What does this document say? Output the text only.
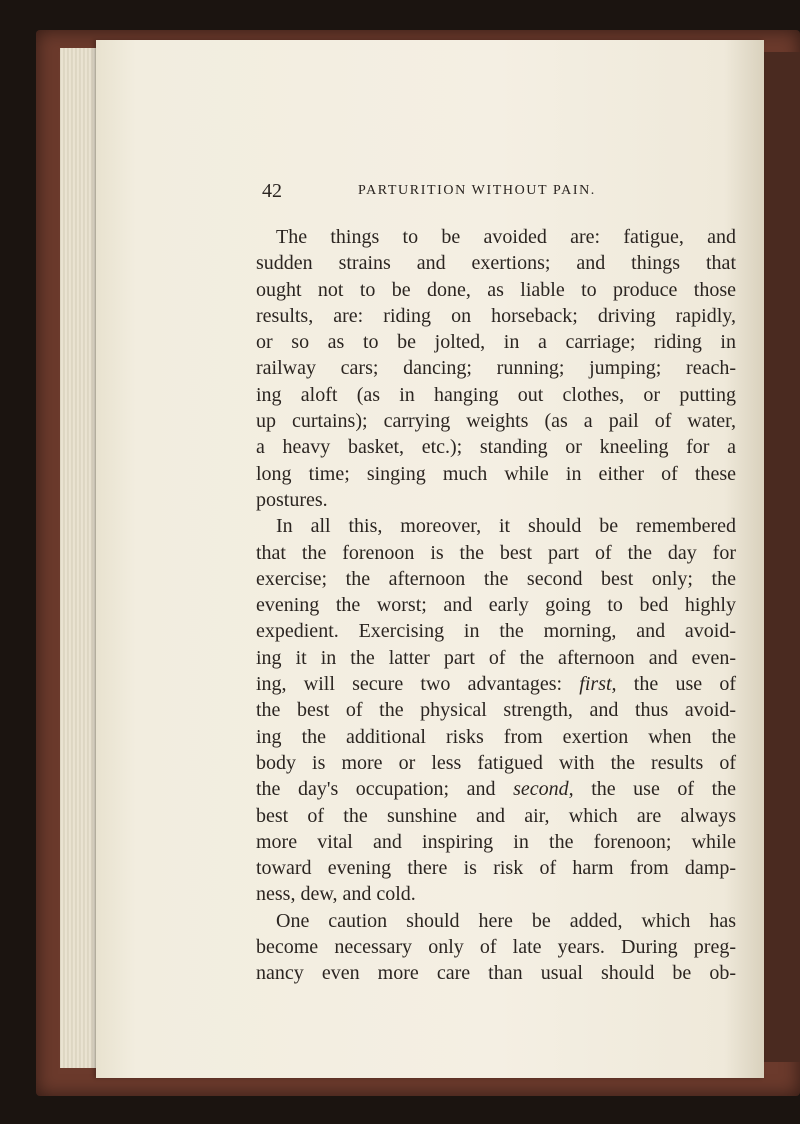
42	PARTURITION WITHOUT PAIN.
The things to be avoided are: fatigue, and
sudden strains and exertions; and things that
ought not to be done, as liable to produce those
results, are: riding on horseback; driving rapidly,
or so as to be jolted, in a carriage; riding in
railway cars; dancing; running; jumping; reach-
ing aloft (as in hanging out clothes, or putting
up curtains); carrying weights (as a pail of water,
a heavy basket, etc.); standing or kneeling for a
long time; singing much while in either of these
postures.
In all this, moreover, it should be remembered
that the forenoon is the best part of the day for
exercise; the afternoon the second best only; the
evening the worst; and early going to bed highly
expedient. Exercising in the morning, and avoid-
ing it in the latter part of the afternoon and even-
ing, will secure two advantages: first, the use of
the best of the physical strength, and thus avoid-
ing the additional risks from exertion when the
body is more or less fatigued with the results of
the day's occupation; and second, the use of the
best of the sunshine and air, which are always
more vital and inspiring in the forenoon; while
toward evening there is risk of harm from damp-
ness, dew, and cold.
One caution should here be added, which has
become necessary only of late years. During preg-
nancy even more care than usual should be ob-
